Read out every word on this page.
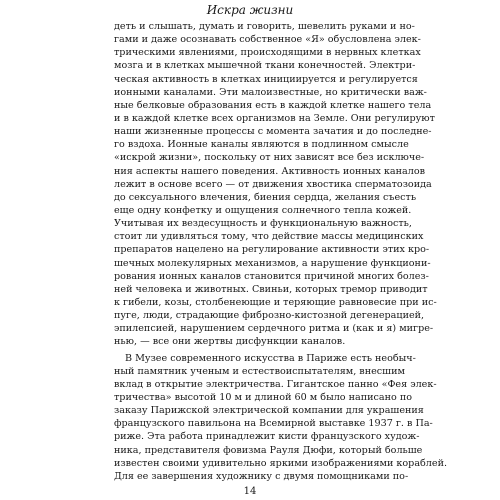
Искра жизни
деть и слышать, думать и говорить, шевелить руками и но-
гами и даже осознавать собственное «Я» обусловлена элек-
трическими явлениями, происходящими в нервных клетках
мозга и в клетках мышечной ткани конечностей. Электри-
ческая активность в клетках инициируется и регулируется
ионными каналами. Эти малоизвестные, но критически важ-
ные белковые образования есть в каждой клетке нашего тела
и в каждой клетке всех организмов на Земле. Они регулируют
наши жизненные процессы с момента зачатия и до последне-
го вздоха. Ионные каналы являются в подлинном смысле
«искрой жизни», поскольку от них зависят все без исключе-
ния аспекты нашего поведения. Активность ионных каналов
лежит в основе всего — от движения хвостика сперматозоида
до сексуального влечения, биения сердца, желания съесть
еще одну конфетку и ощущения солнечного тепла кожей.
Учитывая их вездесущность и функциональную важность,
стоит ли удивляться тому, что действие массы медицинских
препаратов нацелено на регулирование активности этих кро-
шечных молекулярных механизмов, а нарушение функциони-
рования ионных каналов становится причиной многих болез-
ней человека и животных. Свиньи, которых тремор приводит
к гибели, козы, столбенеющие и теряющие равновесие при ис-
пуге, люди, страдающие фиброзно-кистозной дегенерацией,
эпилепсией, нарушением сердечного ритма и (как и я) мигре-
нью, — все они жертвы дисфункции каналов.
В Музее современного искусства в Париже есть необыч-
ный памятник ученым и естествоиспытателям, внесшим
вклад в открытие электричества. Гигантское панно «Фея элек-
тричества» высотой 10 м и длиной 60 м было написано по
заказу Парижской электрической компании для украшения
французского павильона на Всемирной выставке 1937 г. в Па-
риже. Эта работа принадлежит кисти французского худож-
ника, представителя фовизма Рауля Дюфи, который больше
известен своими удивительно яркими изображениями кораблей.
Для ее завершения художнику с двумя помощниками по-
14
